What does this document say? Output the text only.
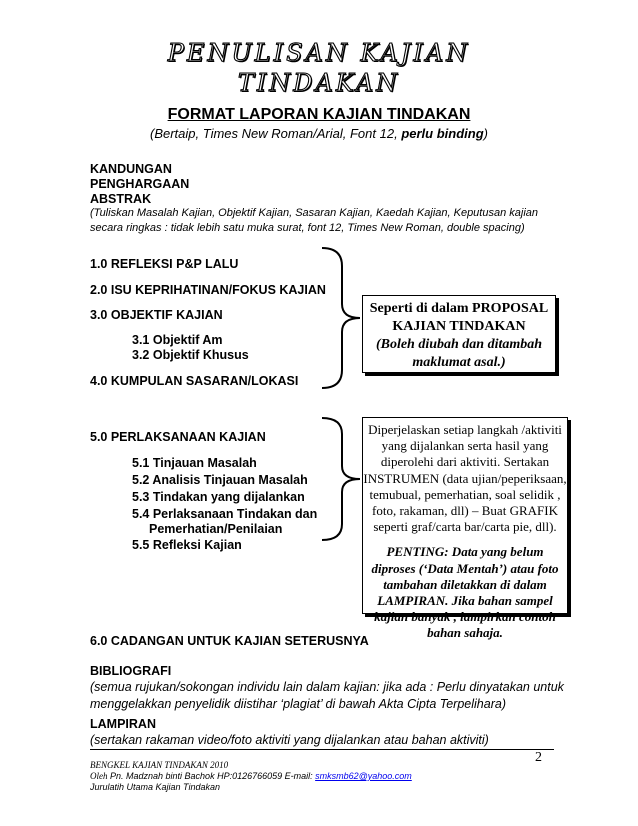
PENULISAN KAJIAN
TINDAKAN
FORMAT LAPORAN KAJIAN TINDAKAN
(Bertaip, Times New Roman/Arial, Font 12, perlu binding)
KANDUNGAN
PENGHARGAAN
ABSTRAK
(Tuliskan Masalah Kajian, Objektif Kajian, Sasaran Kajian, Kaedah Kajian, Keputusan kajian
secara ringkas : tidak lebih satu muka surat, font 12, Times New Roman, double spacing)
1.0 REFLEKSI P&P LALU
2.0 ISU KEPRIHATINAN/FOKUS KAJIAN
3.0 OBJEKTIF KAJIAN
3.1 Objektif Am
3.2 Objektif Khusus
4.0 KUMPULAN SASARAN/LOKASI
Seperti di dalam PROPOSAL
KAJIAN TINDAKAN
(Boleh diubah dan ditambah
maklumat asal.)
5.0 PERLAKSANAAN KAJIAN
5.1 Tinjauan Masalah
5.2 Analisis Tinjauan Masalah
5.3 Tindakan yang dijalankan
5.4 Perlaksanaan Tindakan dan
Pemerhatian/Penilaian
5.5 Refleksi Kajian
Diperjelaskan setiap langkah /aktiviti
yang dijalankan serta hasil yang
diperolehi dari aktiviti. Sertakan
INSTRUMEN (data ujian/peperiksaan,
temubual, pemerhatian, soal selidik ,
foto, rakaman, dll) – Buat GRAFIK
seperti graf/carta bar/carta pie, dll).
PENTING: Data yang belum
diproses (‘Data Mentah’) atau foto
tambahan diletakkan di dalam
LAMPIRAN. Jika bahan sampel
kajian banyak , lampirkan contoh
bahan sahaja.
6.0 CADANGAN UNTUK KAJIAN SETERUSNYA
BIBLIOGRAFI
(semua rujukan/sokongan individu lain dalam kajian: jika ada : Perlu dinyatakan untuk
menggelakkan penyelidik diistihar ‘plagiat’ di bawah Akta Cipta Terpelihara)
LAMPIRAN
(sertakan rakaman video/foto aktiviti yang dijalankan atau bahan aktiviti)
2
BENGKEL KAJIAN TINDAKAN 2010
Oleh Pn. Madznah binti Bachok HP:0126766059 E-mail: smksmb62@yahoo.com
Jurulatih Utama Kajian Tindakan
